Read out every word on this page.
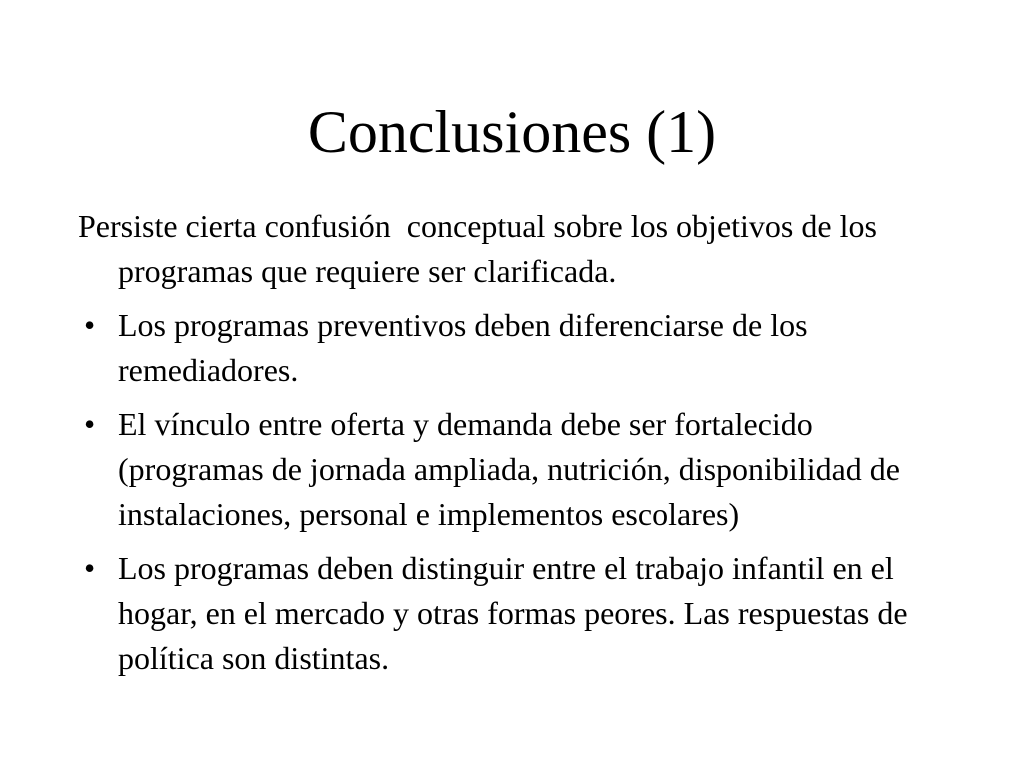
Conclusiones (1)
Persiste cierta confusión  conceptual sobre los objetivos de los programas que requiere ser clarificada.
• Los programas preventivos deben diferenciarse de los remediadores.
• El vínculo entre oferta y demanda debe ser fortalecido (programas de jornada ampliada, nutrición, disponibilidad de instalaciones, personal e implementos escolares)
• Los programas deben distinguir entre el trabajo infantil en el hogar, en el mercado y otras formas peores. Las respuestas de política son distintas.
